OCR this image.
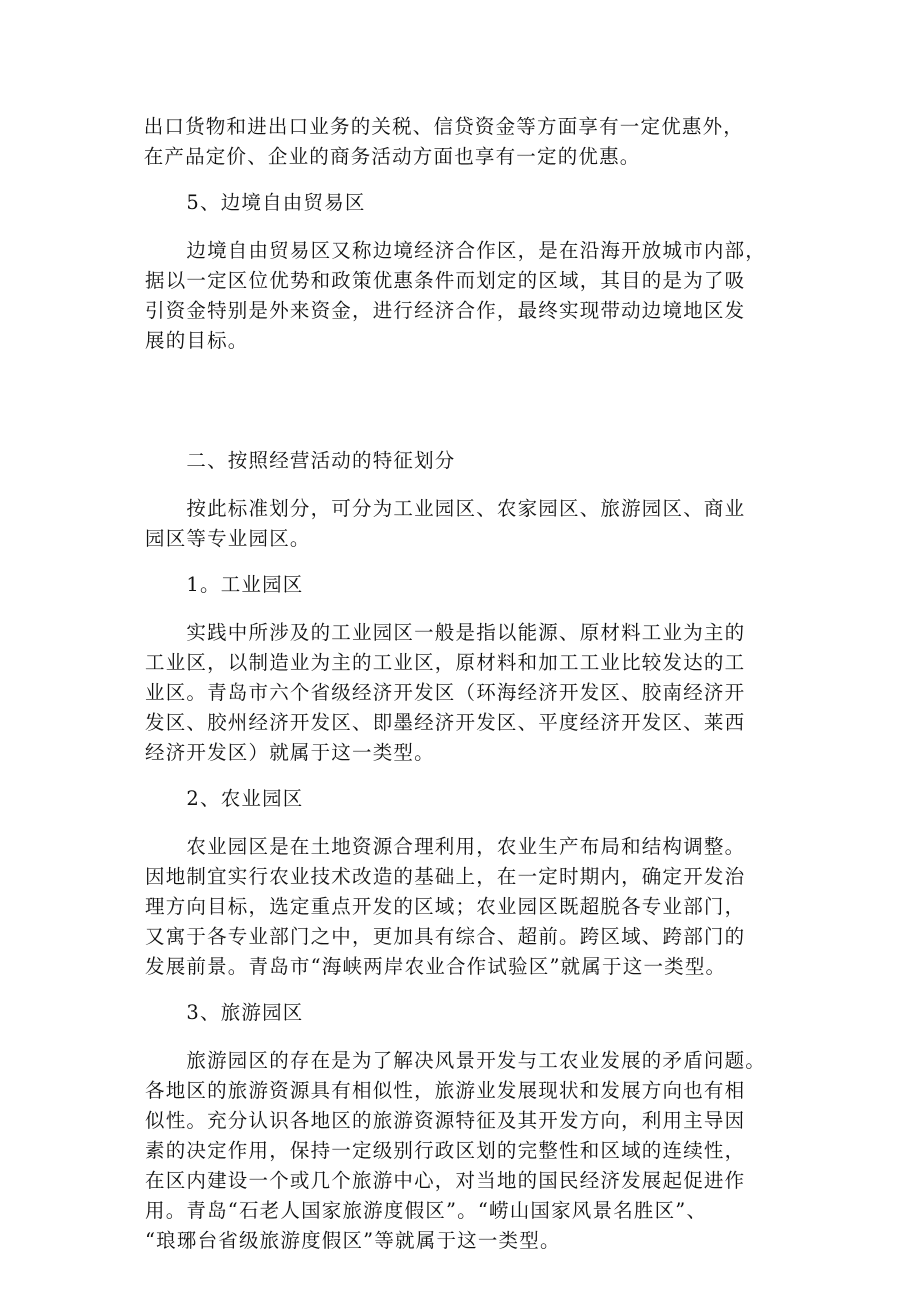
　出口货物和进出口业务的关税、信贷资金等方面享有一定优惠外，
　在产品定价、企业的商务活动方面也享有一定的优惠。

　　5、边境自由贸易区

　　边境自由贸易区又称边境经济合作区，是在沿海开放城市内部，
据以一定区位优势和政策优惠条件而划定的区域，其目的是为了吸
引资金特别是外来资金，进行经济合作，最终实现带动边境地区发
展的目标。

　　二、按照经营活动的特征划分

　　按此标准划分，可分为工业园区、农家园区、旅游园区、商业
园区等专业园区。

　　1。工业园区

　　实践中所涉及的工业园区一般是指以能源、原材料工业为主的
工业区，以制造业为主的工业区，原材料和加工工业比较发达的工
业区。青岛市六个省级经济开发区（环海经济开发区、胶南经济开
发区、胶州经济开发区、即墨经济开发区、平度经济开发区、莱西
经济开发区）就属于这一类型。

　　2、农业园区

　　农业园区是在土地资源合理利用，农业生产布局和结构调整。
因地制宜实行农业技术改造的基础上，在一定时期内，确定开发治
理方向目标，选定重点开发的区域；农业园区既超脱各专业部门，
又寓于各专业部门之中，更加具有综合、超前。跨区域、跨部门的
发展前景。青岛市“海峡两岸农业合作试验区”就属于这一类型。

　　3、旅游园区

　　旅游园区的存在是为了解决风景开发与工农业发展的矛盾问题。
各地区的旅游资源具有相似性，旅游业发展现状和发展方向也有相
似性。充分认识各地区的旅游资源特征及其开发方向，利用主导因
素的决定作用，保持一定级别行政区划的完整性和区域的连续性，
在区内建设一个或几个旅游中心，对当地的国民经济发展起促进作
用。青岛“石老人国家旅游度假区”。“崂山国家风景名胜区”、
“琅琊台省级旅游度假区”等就属于这一类型。
